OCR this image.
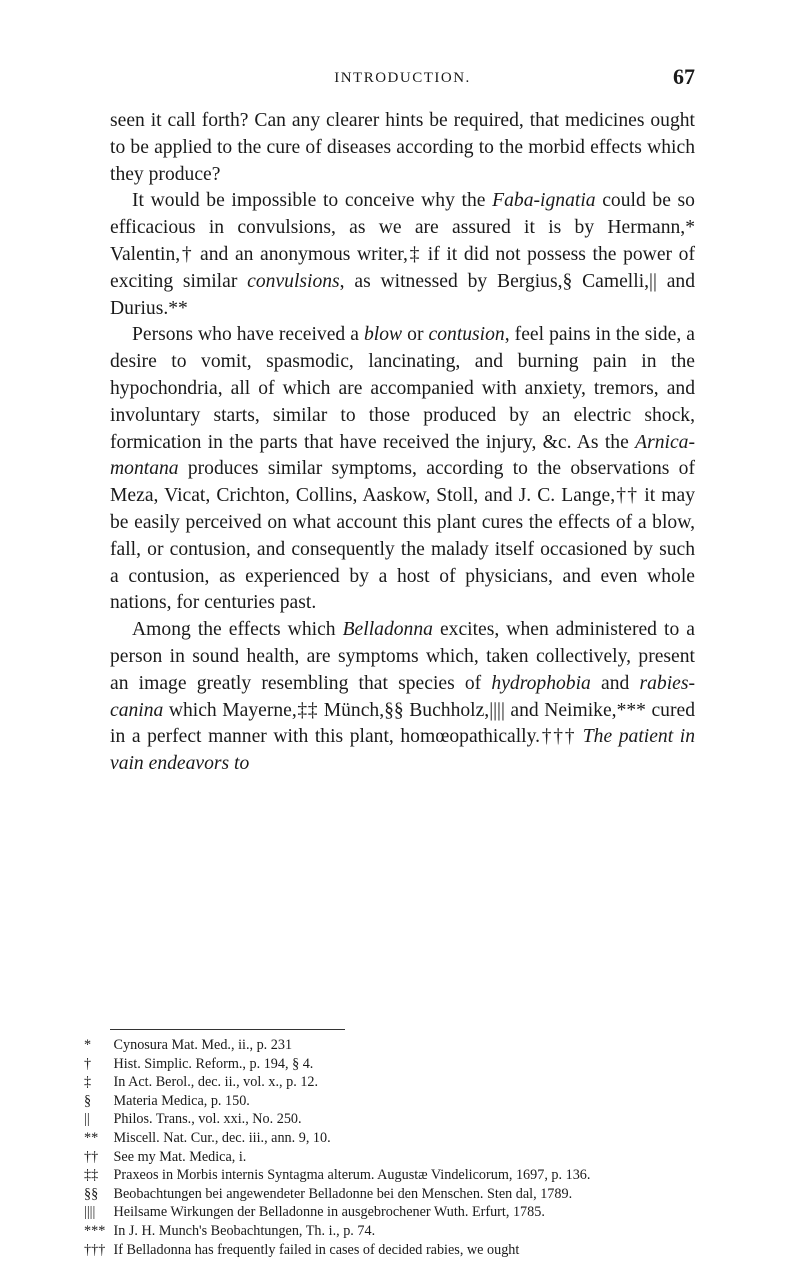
INTRODUCTION.	67

seen it call forth? Can any clearer hints be required, that medicines ought to be applied to the cure of diseases according to the morbid effects which they produce?

It would be impossible to conceive why the Faba-ignatia could be so efficacious in convulsions, as we are assured it is by Hermann,* Valentin,† and an anonymous writer,‡ if it did not possess the power of exciting similar convulsions, as witnessed by Bergius,§ Camelli,|| and Durius.**

Persons who have received a blow or contusion, feel pains in the side, a desire to vomit, spasmodic, lancinating, and burning pain in the hypochondria, all of which are accompanied with anxiety, tremors, and involuntary starts, similar to those produced by an electric shock, formication in the parts that have received the injury, &c. As the Arnica-montana produces similar symptoms, according to the observations of Meza, Vicat, Crichton, Collins, Aaskow, Stoll, and J. C. Lange,†† it may be easily perceived on what account this plant cures the effects of a blow, fall, or contusion, and consequently the malady itself occasioned by such a contusion, as experienced by a host of physicians, and even whole nations, for centuries past.

Among the effects which Belladonna excites, when administered to a person in sound health, are symptoms which, taken collectively, present an image greatly resembling that species of hydrophobia and rabies-canina which Mayerne,‡‡ Münch,§§ Buchholz,|||| and Neimike,*** cured in a perfect manner with this plant, homœopathically.††† The patient in vain endeavors to

* Cynosura Mat. Med., ii., p. 231
† Hist. Simplic. Reform., p. 194, § 4.
‡ In Act. Berol., dec. ii., vol. x., p. 12.
§ Materia Medica, p. 150.
|| Philos. Trans., vol. xxi., No. 250.
** Miscell. Nat. Cur., dec. iii., ann. 9, 10.
†† See my Mat. Medica, i.
‡‡ Praxeos in Morbis internis Syntagma alterum. Augustæ Vindelicorum, 1697, p. 136.
§§ Beobachtungen bei angewendeter Belladonne bei den Menschen. Sten dal, 1789.
|||| Heilsame Wirkungen der Belladonne in ausgebrochener Wuth. Erfurt, 1785.
*** In J. H. Munch's Beobachtungen, Th. i., p. 74.
††† If Belladonna has frequently failed in cases of decided rabies, we ought
